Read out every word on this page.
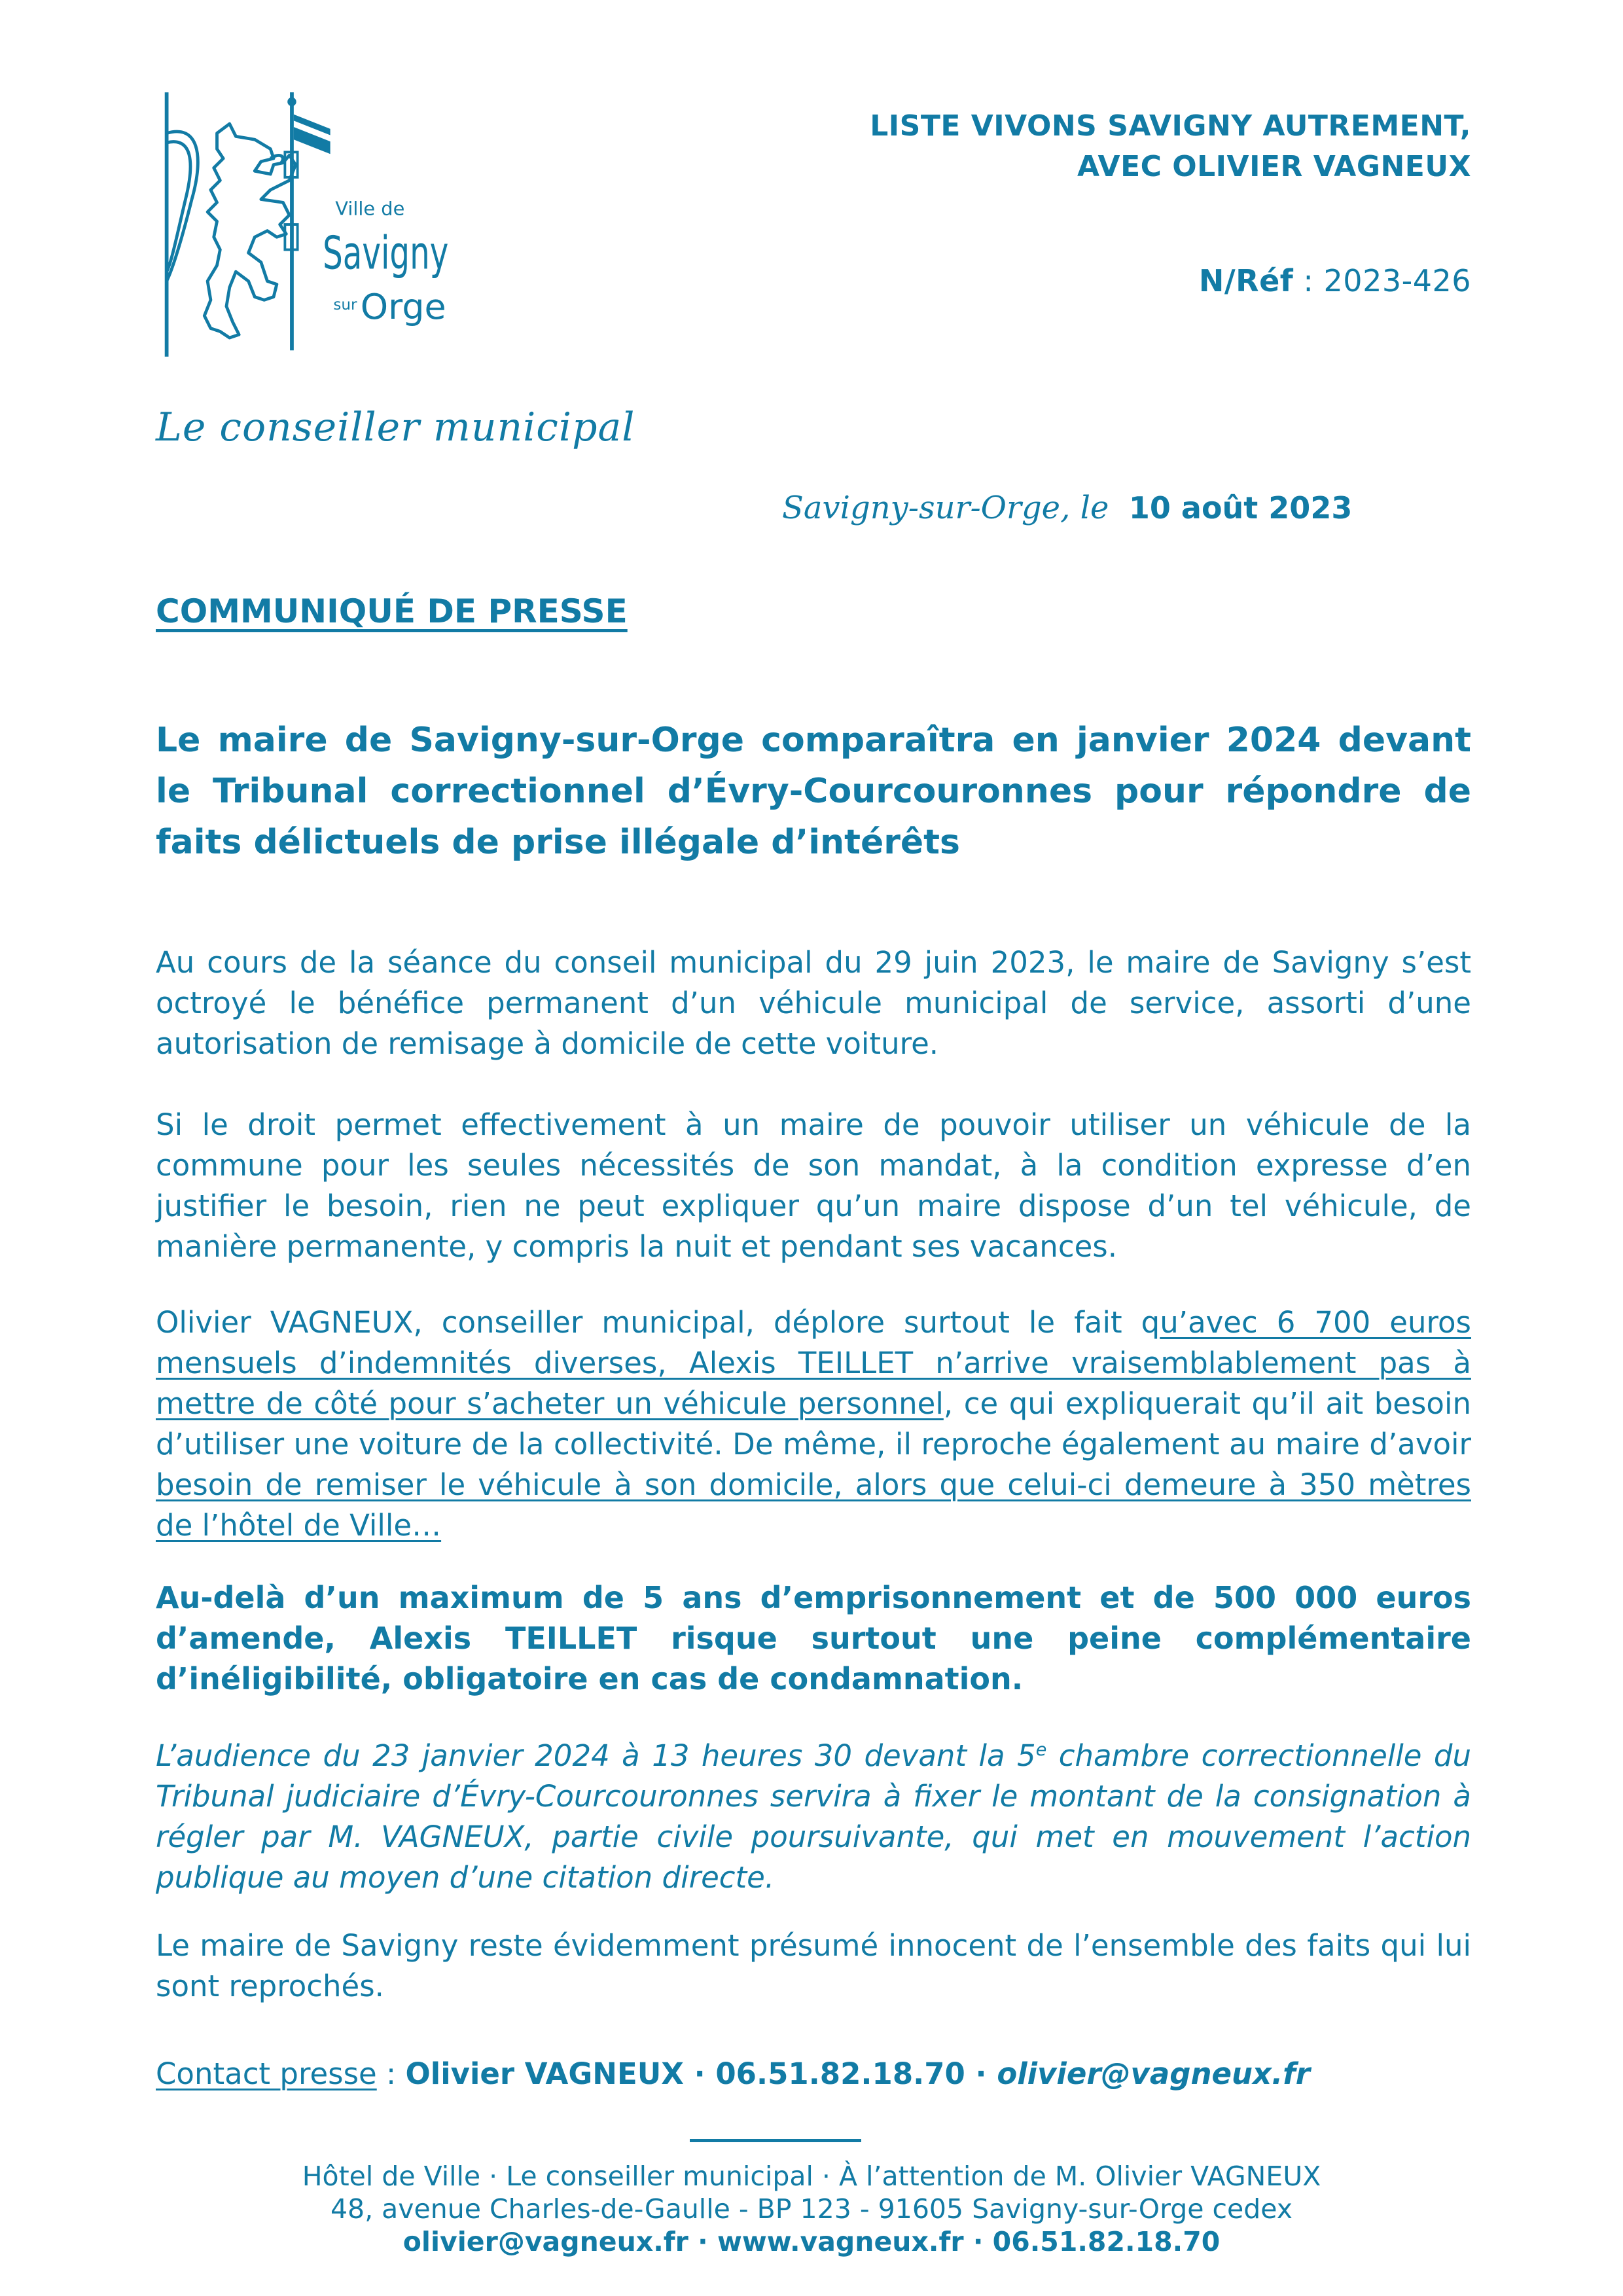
Ville de
Savigny
sur Orge
LISTE VIVONS SAVIGNY AUTREMENT,
AVEC OLIVIER VAGNEUX
N/Réf : 2023-426
Le conseiller municipal
Savigny-sur-Orge, le 10 août 2023
COMMUNIQUÉ DE PRESSE
Le maire de Savigny-sur-Orge comparaîtra en janvier 2024 devant le Tribunal correctionnel d’Évry-Courcouronnes pour répondre de faits délictuels de prise illégale d’intérêts
Au cours de la séance du conseil municipal du 29 juin 2023, le maire de Savigny s’est octroyé le bénéfice permanent d’un véhicule municipal de service, assorti d’une autorisation de remisage à domicile de cette voiture.
Si le droit permet effectivement à un maire de pouvoir utiliser un véhicule de la commune pour les seules nécessités de son mandat, à la condition expresse d’en justifier le besoin, rien ne peut expliquer qu’un maire dispose d’un tel véhicule, de manière permanente, y compris la nuit et pendant ses vacances.
Olivier VAGNEUX, conseiller municipal, déplore surtout le fait qu’avec 6 700 euros mensuels d’indemnités diverses, Alexis TEILLET n’arrive vraisemblablement pas à mettre de côté pour s’acheter un véhicule personnel, ce qui expliquerait qu’il ait besoin d’utiliser une voiture de la collectivité. De même, il reproche également au maire d’avoir besoin de remiser le véhicule à son domicile, alors que celui-ci demeure à 350 mètres de l’hôtel de Ville…
Au-delà d’un maximum de 5 ans d’emprisonnement et de 500 000 euros d’amende, Alexis TEILLET risque surtout une peine complémentaire d’inéligibilité, obligatoire en cas de condamnation.
L’audience du 23 janvier 2024 à 13 heures 30 devant la 5e chambre correctionnelle du Tribunal judiciaire d’Évry-Courcouronnes servira à fixer le montant de la consignation à régler par M. VAGNEUX, partie civile poursuivante, qui met en mouvement l’action publique au moyen d’une citation directe.
Le maire de Savigny reste évidemment présumé innocent de l’ensemble des faits qui lui sont reprochés.
Contact presse : Olivier VAGNEUX · 06.51.82.18.70 · olivier@vagneux.fr
Hôtel de Ville · Le conseiller municipal · À l’attention de M. Olivier VAGNEUX
48, avenue Charles-de-Gaulle - BP 123 - 91605 Savigny-sur-Orge cedex
olivier@vagneux.fr · www.vagneux.fr · 06.51.82.18.70
